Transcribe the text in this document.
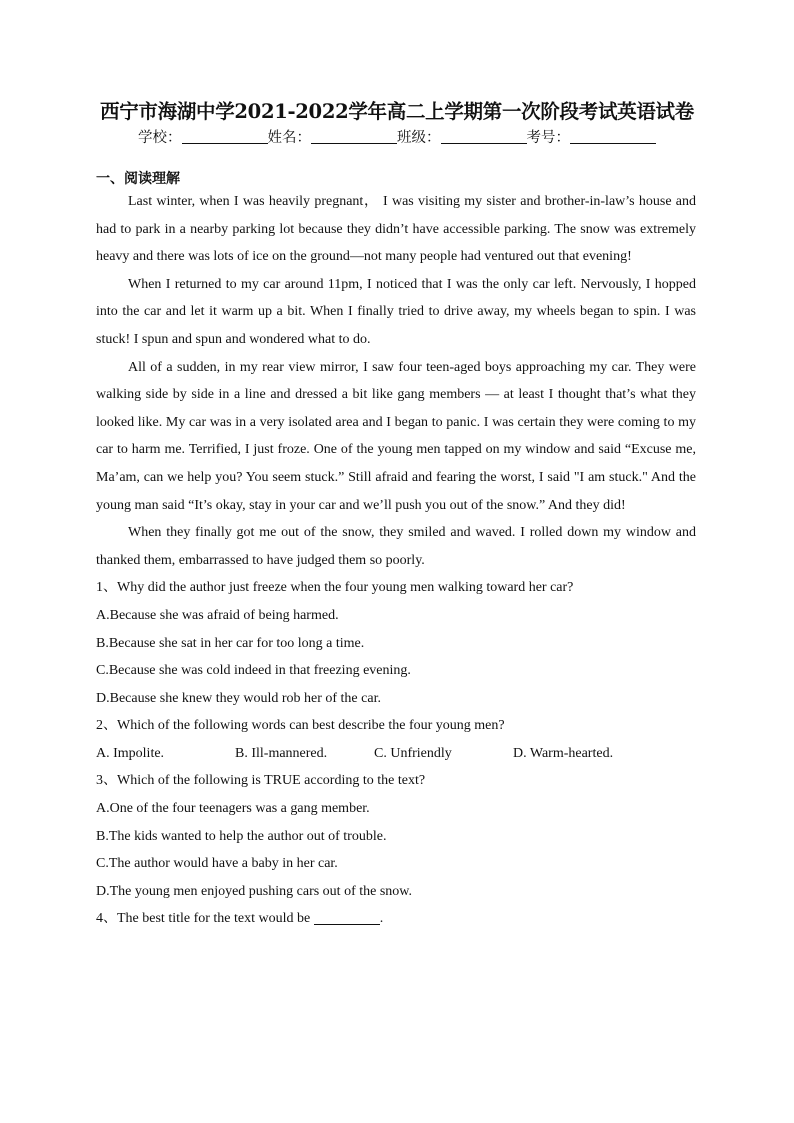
西宁市海湖中学2021-2022学年高二上学期第一次阶段考试英语试卷
学校：	姓名：	班级：	考号：
一、阅读理解

Last winter, when I was heavily pregnant， I was visiting my sister and brother-in-law’s house and had to park in a nearby parking lot because they didn’t have accessible parking. The snow was extremely heavy and there was lots of ice on the ground—not many people had ventured out that evening!

When I returned to my car around 11pm, I noticed that I was the only car left. Nervously, I hopped into the car and let it warm up a bit. When I finally tried to drive away, my wheels began to spin. I was stuck! I spun and spun and wondered what to do.

All of a sudden, in my rear view mirror, I saw four teen-aged boys approaching my car. They were walking side by side in a line and dressed a bit like gang members — at least I thought that’s what they looked like. My car was in a very isolated area and I began to panic. I was certain they were coming to my car to harm me. Terrified, I just froze. One of the young men tapped on my window and said “Excuse me, Ma’am, can we help you? You seem stuck.” Still afraid and fearing the worst, I said "I am stuck." And the young man said “It’s okay, stay in your car and we’ll push you out of the snow.” And they did!

When they finally got me out of the snow, they smiled and waved. I rolled down my window and thanked them, embarrassed to have judged them so poorly.

1、Why did the author just freeze when the four young men walking toward her car?

A.Because she was afraid of being harmed.

B.Because she sat in her car for too long a time.

C.Because she was cold indeed in that freezing evening.

D.Because she knew they would rob her of the car.

2、Which of the following words can best describe the four young men?

A. Impolite.	B. Ill-mannered.	C. Unfriendly	D. Warm-hearted.

3、Which of the following is TRUE according to the text?

A.One of the four teenagers was a gang member.

B.The kids wanted to help the author out of trouble.

C.The author would have a baby in her car.

D.The young men enjoyed pushing cars out of the snow.

4、The best title for the text would be	.
